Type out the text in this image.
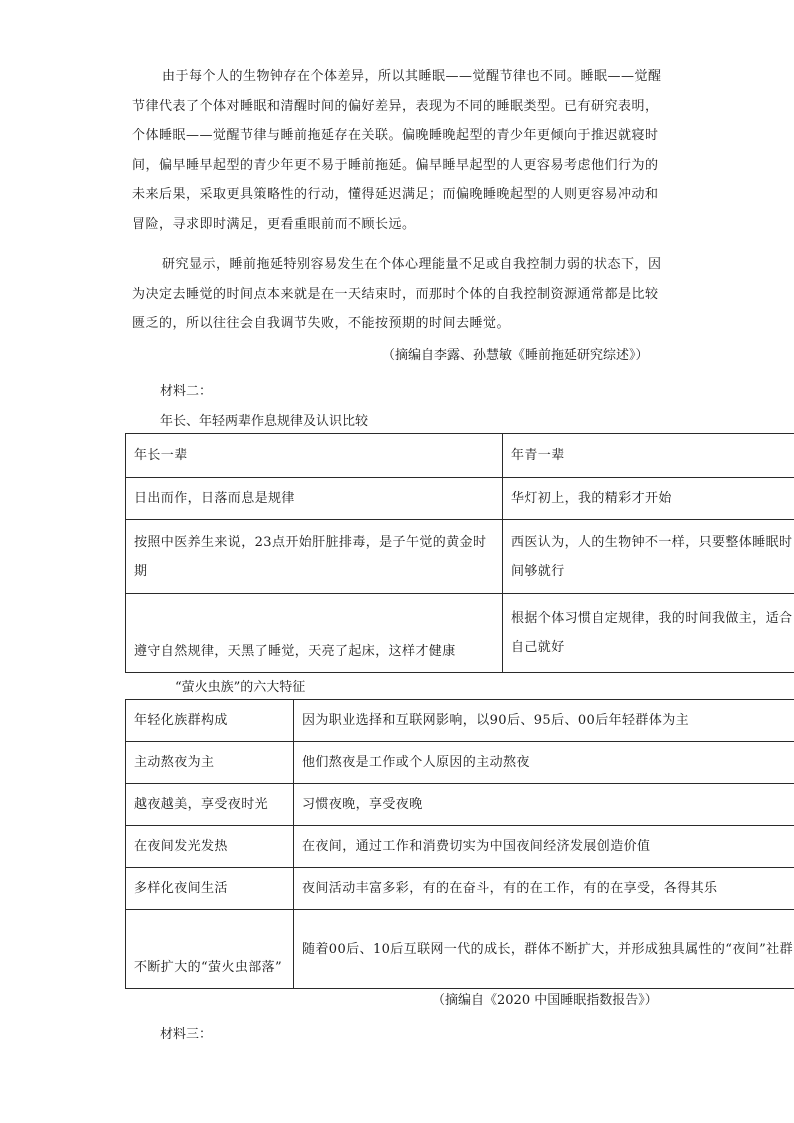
由于每个人的生物钟存在个体差异，所以其睡眠——觉醒节律也不同。睡眠——觉醒节律代表了个体对睡眠和清醒时间的偏好差异，表现为不同的睡眠类型。已有研究表明，个体睡眠——觉醒节律与睡前拖延存在关联。偏晚睡晚起型的青少年更倾向于推迟就寝时间，偏早睡早起型的青少年更不易于睡前拖延。偏早睡早起型的人更容易考虑他们行为的未来后果，采取更具策略性的行动，懂得延迟满足；而偏晚睡晚起型的人则更容易冲动和冒险，寻求即时满足，更看重眼前而不顾长远。

研究显示，睡前拖延特别容易发生在个体心理能量不足或自我控制力弱的状态下，因为决定去睡觉的时间点本来就是在一天结束时，而那时个体的自我控制资源通常都是比较匮乏的，所以往往会自我调节失败，不能按预期的时间去睡觉。

（摘编自李露、孙慧敏《睡前拖延研究综述》）
材料二：
年长、年轻两辈作息规律及认识比较
年长一辈	年青一辈
日出而作，日落而息是规律	华灯初上，我的精彩才开始
按照中医养生来说，23点开始肝脏排毒，是子午觉的黄金时期	西医认为，人的生物钟不一样，只要整体睡眠时间够就行
遵守自然规律，天黑了睡觉，天亮了起床，这样才健康	根据个体习惯自定规律，我的时间我做主，适合自己就好
“萤火虫族”的六大特征
年轻化族群构成	因为职业选择和互联网影响，以90后、95后、00后年轻群体为主
主动熬夜为主	他们熬夜是工作或个人原因的主动熬夜
越夜越美，享受夜时光	习惯夜晚，享受夜晚
在夜间发光发热	在夜间，通过工作和消费切实为中国夜间经济发展创造价值
多样化夜间生活	夜间活动丰富多彩，有的在奋斗，有的在工作，有的在享受，各得其乐
不断扩大的“萤火虫部落”	随着00后、10后互联网一代的成长，群体不断扩大，并形成独具属性的“夜间”社群
（摘编自《2020 中国睡眠指数报告》）
材料三：
